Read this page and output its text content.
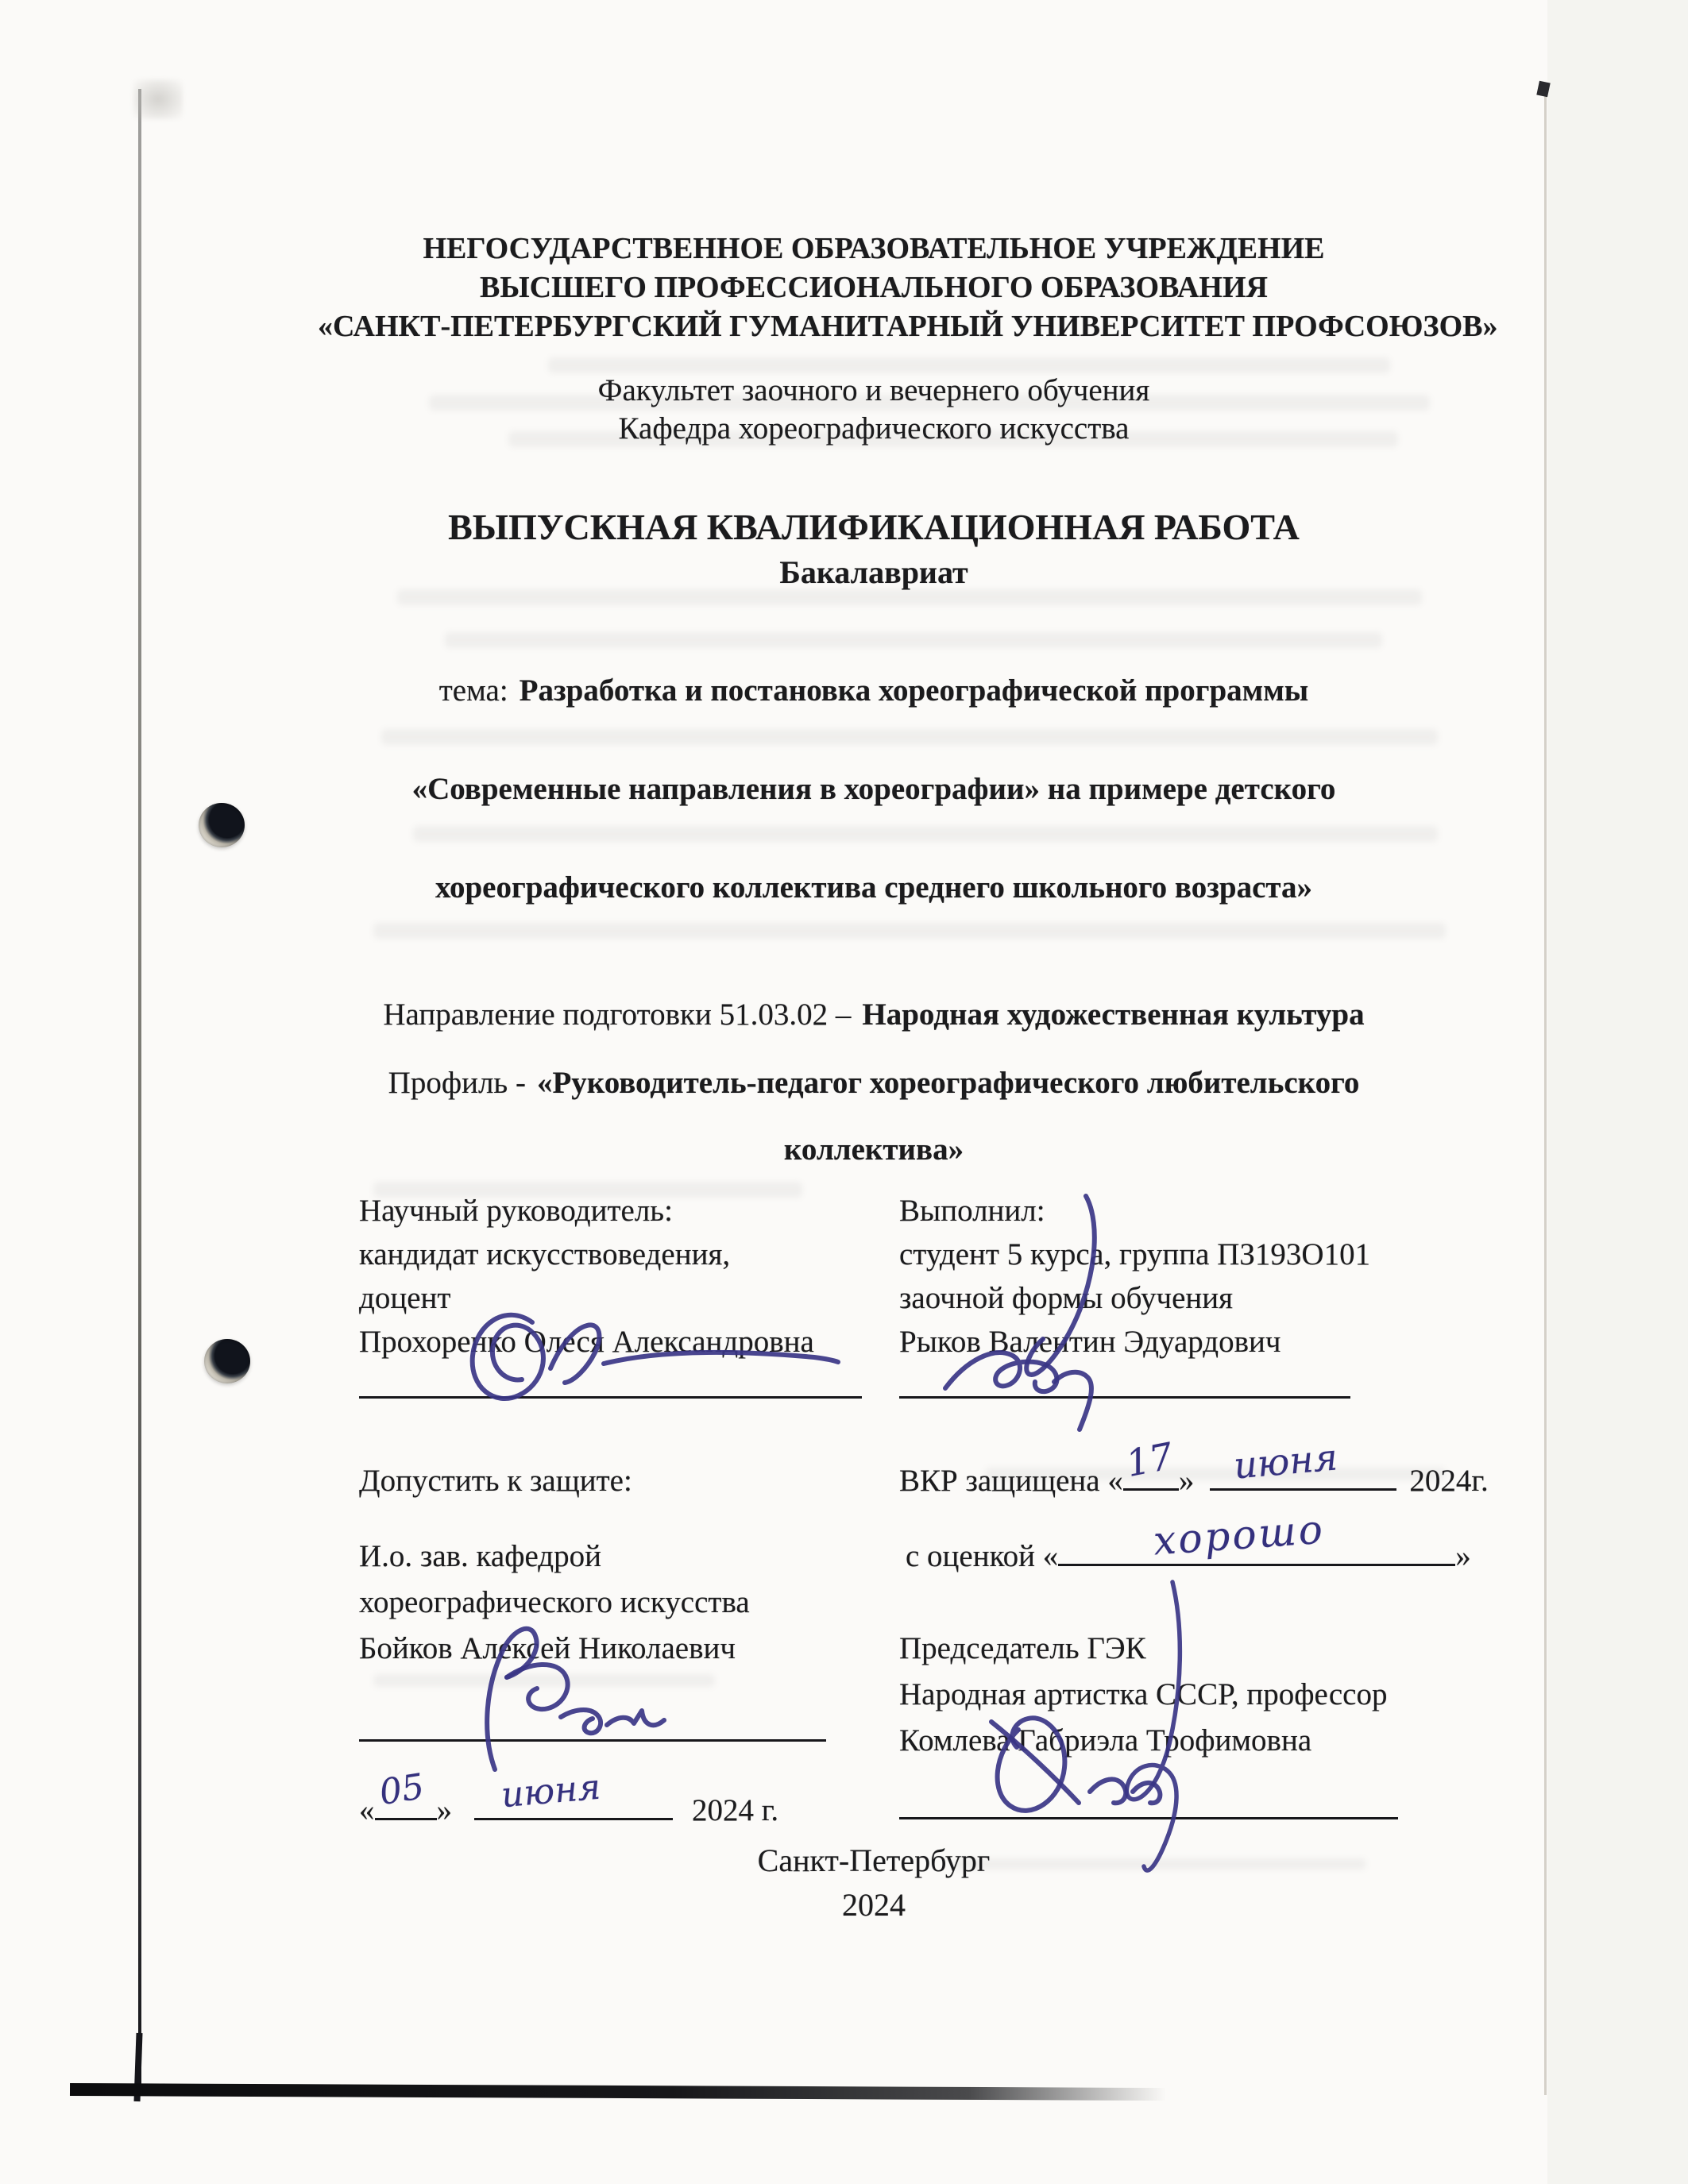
НЕГОСУДАРСТВЕННОЕ ОБРАЗОВАТЕЛЬНОЕ УЧРЕЖДЕНИЕ
ВЫСШЕГО ПРОФЕССИОНАЛЬНОГО ОБРАЗОВАНИЯ
«САНКТ-ПЕТЕРБУРГСКИЙ ГУМАНИТАРНЫЙ УНИВЕРСИТЕТ ПРОФСОЮЗОВ»
Факультет заочного и вечернего обучения
Кафедра хореографического искусства
ВЫПУСКНАЯ КВАЛИФИКАЦИОННАЯ РАБОТА
Бакалавриат
тема: Разработка и постановка хореографической программы
«Современные направления в хореографии» на примере детского
хореографического коллектива среднего школьного возраста»
Направление подготовки 51.03.02 – Народная художественная культура
Профиль - «Руководитель-педагог хореографического любительского
коллектива»
Научный руководитель:
кандидат искусствоведения,
доцент
Прохоренко Олеся Александровна
Выполнил:
студент 5 курса, группа ПЗ193О101
заочной формы обучения
Рыков Валентин Эдуардович
Допустить к защите:
И.о. зав. кафедрой
хореографического искусства
Бойков Алексей Николаевич
« 05 » июня	2024 г.
ВКР защищена « 17 » июня 2024г.
с оценкой « хорошо	»
Председатель ГЭК
Народная артистка СССР, профессор
Комлева Габриэла Трофимовна
Санкт-Петербург
2024
